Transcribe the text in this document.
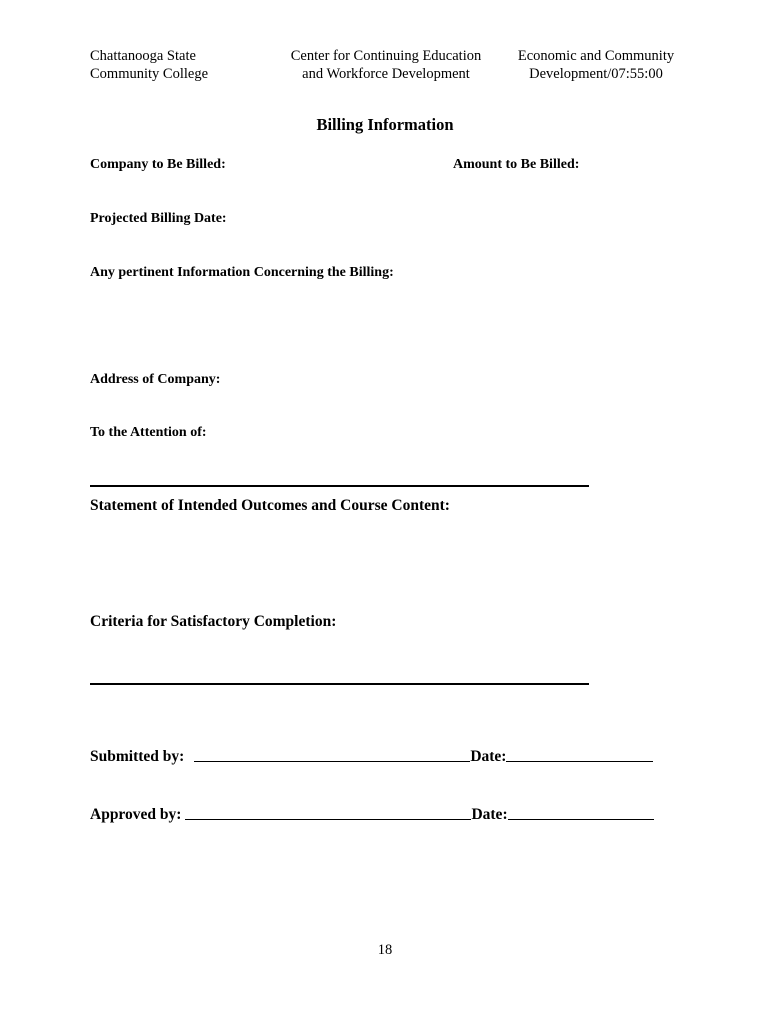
Chattanooga State
Community College
Center for Continuing Education
and Workforce Development
Economic and Community
Development/07:55:00
Billing Information
Company to Be Billed:	Amount to Be Billed:
Projected Billing Date:
Any pertinent Information Concerning the Billing:
Address of Company:
To the Attention of:
Statement of Intended Outcomes and Course Content:
Criteria for Satisfactory Completion:
Submitted by:	Date:
Approved by:	Date:
18
